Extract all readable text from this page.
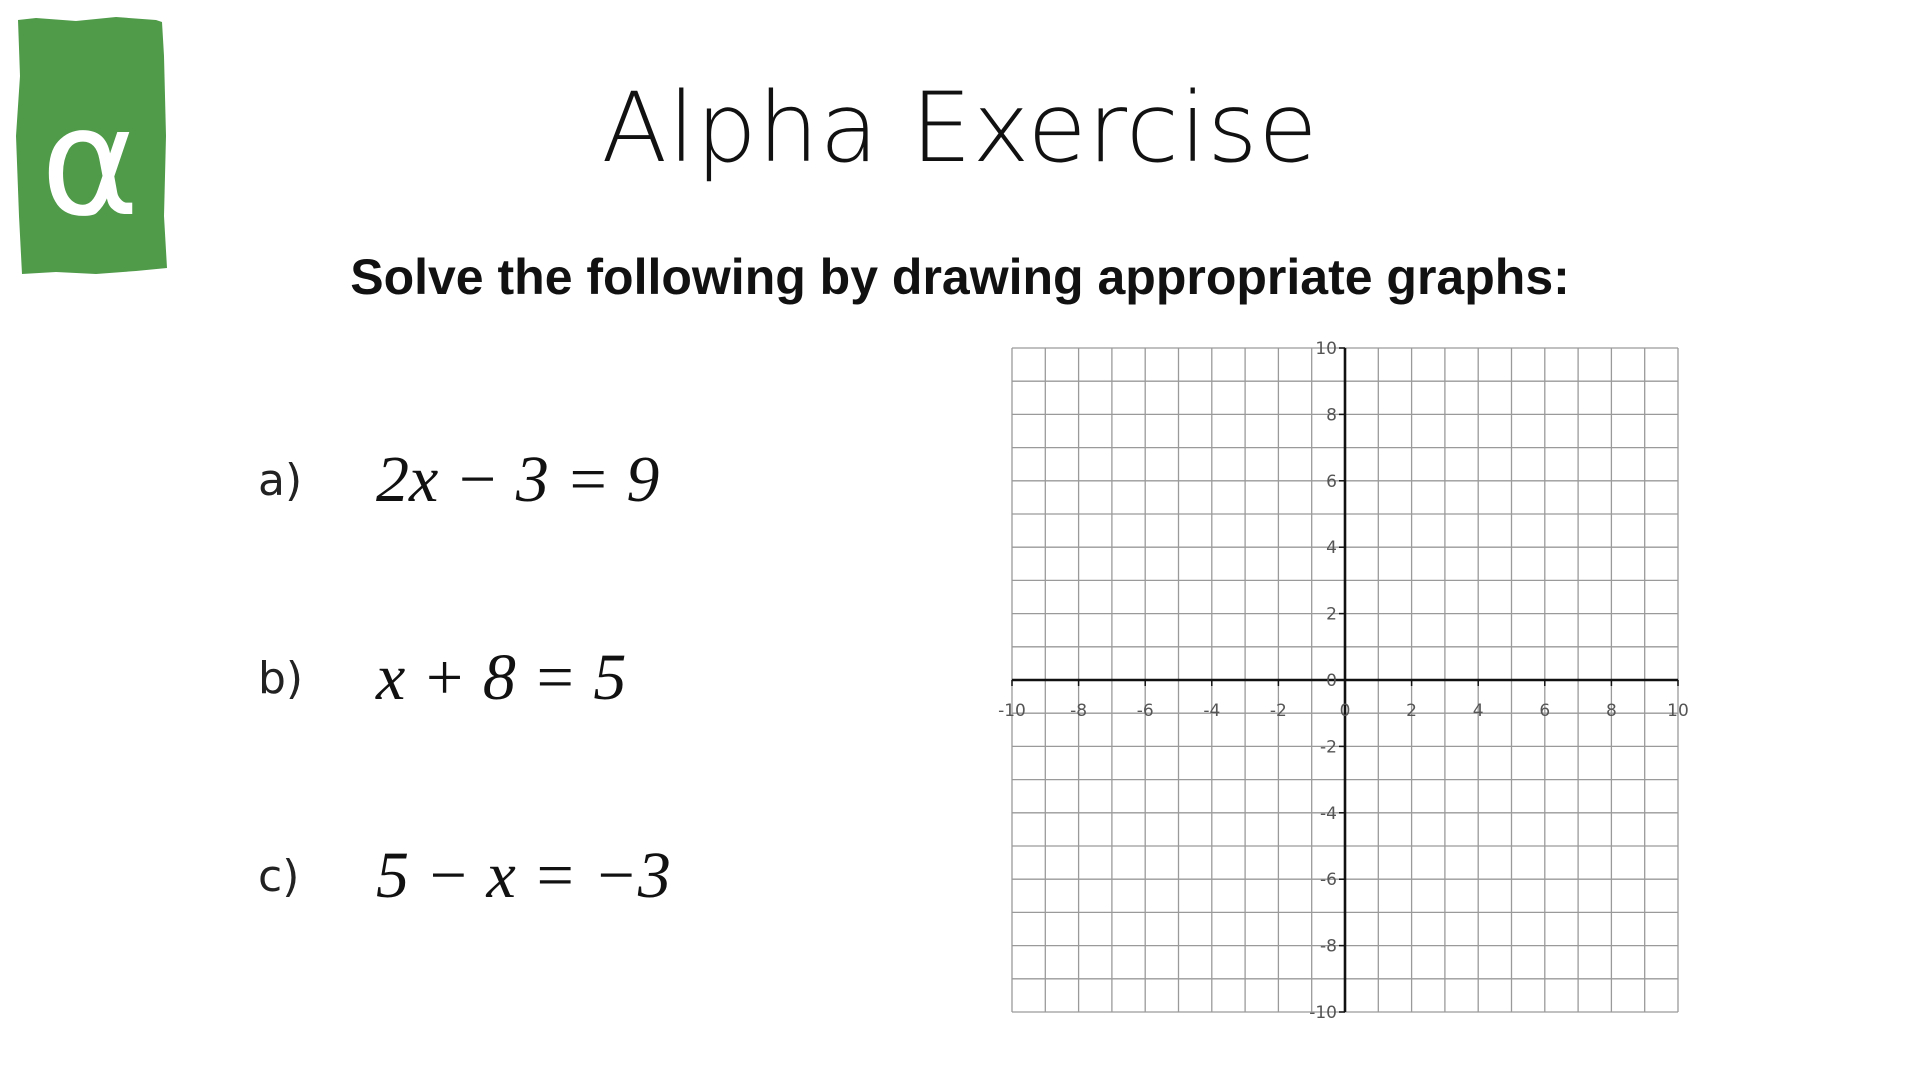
α	Alpha Exercise
Solve the following by drawing appropriate graphs:
a)	2x − 3 = 9
b)	x + 8 = 5
c)	5 − x = −3
-10	-8	-6	-4	-2	0	2	4	6	8	10
10
8
6
4
2
0
-2
-4
-6
-8
-10
